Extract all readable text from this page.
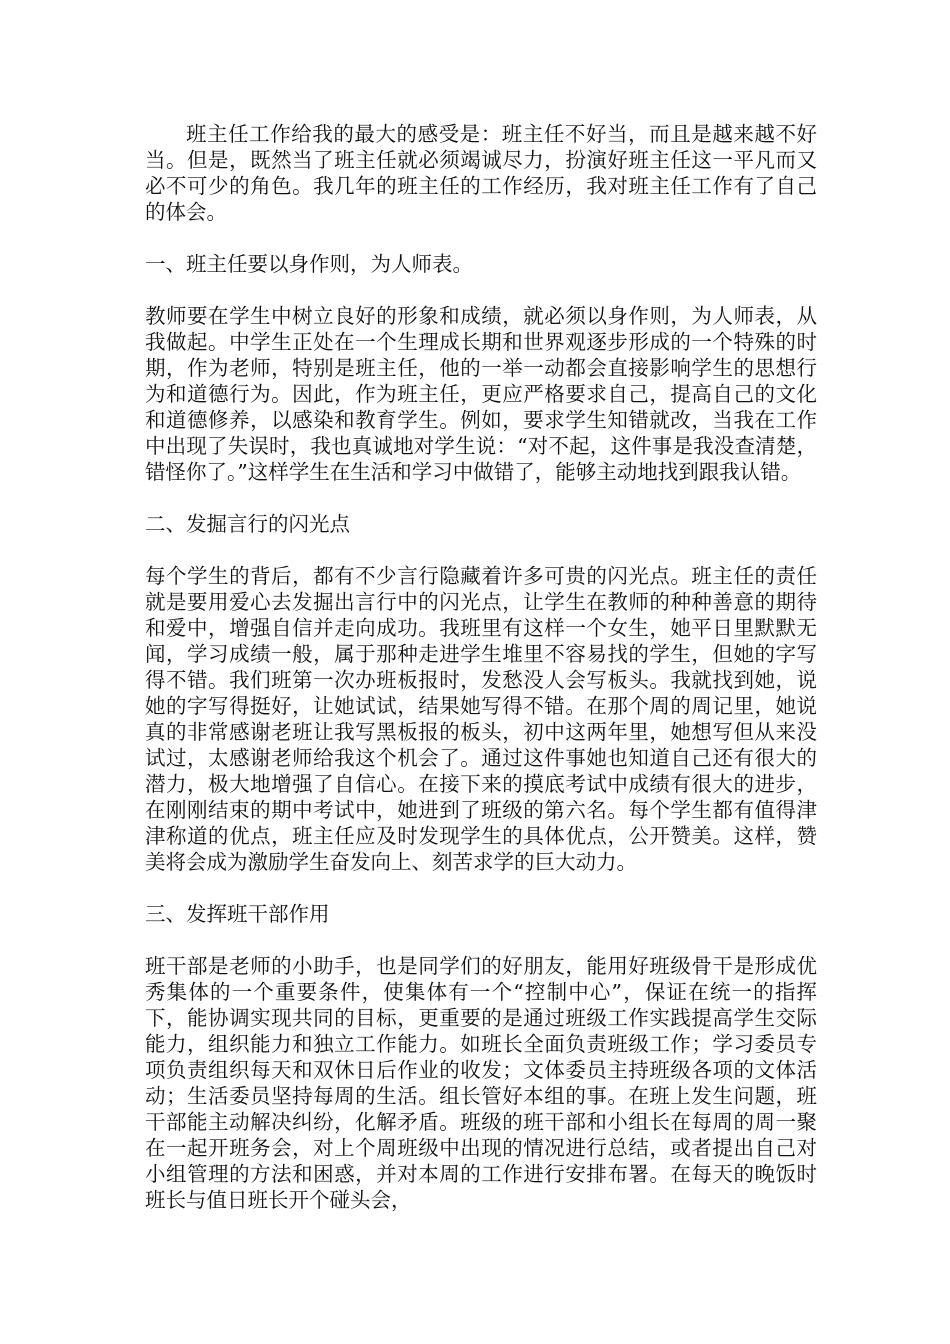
班主任工作给我的最大的感受是：班主任不好当，而且是越来越不好当。但是，既然当了班主任就必须竭诚尽力，扮演好班主任这一平凡而又必不可少的角色。我几年的班主任的工作经历，我对班主任工作有了自己的体会。

一、班主任要以身作则，为人师表。

教师要在学生中树立良好的形象和成绩，就必须以身作则，为人师表，从我做起。中学生正处在一个生理成长期和世界观逐步形成的一个特殊的时期，作为老师，特别是班主任，他的一举一动都会直接影响学生的思想行为和道德行为。因此，作为班主任，更应严格要求自己，提高自己的文化和道德修养，以感染和教育学生。例如，要求学生知错就改，当我在工作中出现了失误时，我也真诚地对学生说：“对不起，这件事是我没查清楚，错怪你了。”这样学生在生活和学习中做错了，能够主动地找到跟我认错。

二、发掘言行的闪光点

每个学生的背后，都有不少言行隐藏着许多可贵的闪光点。班主任的责任就是要用爱心去发掘出言行中的闪光点，让学生在教师的种种善意的期待和爱中，增强自信并走向成功。我班里有这样一个女生，她平日里默默无闻，学习成绩一般，属于那种走进学生堆里不容易找的学生，但她的字写得不错。我们班第一次办班板报时，发愁没人会写板头。我就找到她，说她的字写得挺好，让她试试，结果她写得不错。在那个周的周记里，她说真的非常感谢老班让我写黑板报的板头，初中这两年里，她想写但从来没试过，太感谢老师给我这个机会了。通过这件事她也知道自己还有很大的潜力，极大地增强了自信心。在接下来的摸底考试中成绩有很大的进步，在刚刚结束的期中考试中，她进到了班级的第六名。每个学生都有值得津津称道的优点，班主任应及时发现学生的具体优点，公开赞美。这样，赞美将会成为激励学生奋发向上、刻苦求学的巨大动力。

三、发挥班干部作用

班干部是老师的小助手，也是同学们的好朋友，能用好班级骨干是形成优秀集体的一个重要条件，使集体有一个“控制中心”，保证在统一的指挥下，能协调实现共同的目标，更重要的是通过班级工作实践提高学生交际能力，组织能力和独立工作能力。如班长全面负责班级工作；学习委员专项负责组织每天和双休日后作业的收发；文体委员主持班级各项的文体活动；生活委员坚持每周的生活。组长管好本组的事。在班上发生问题，班干部能主动解决纠纷，化解矛盾。班级的班干部和小组长在每周的周一聚在一起开班务会，对上个周班级中出现的情况进行总结，或者提出自己对小组管理的方法和困惑，并对本周的工作进行安排布署。在每天的晚饭时班长与值日班长开个碰头会，
